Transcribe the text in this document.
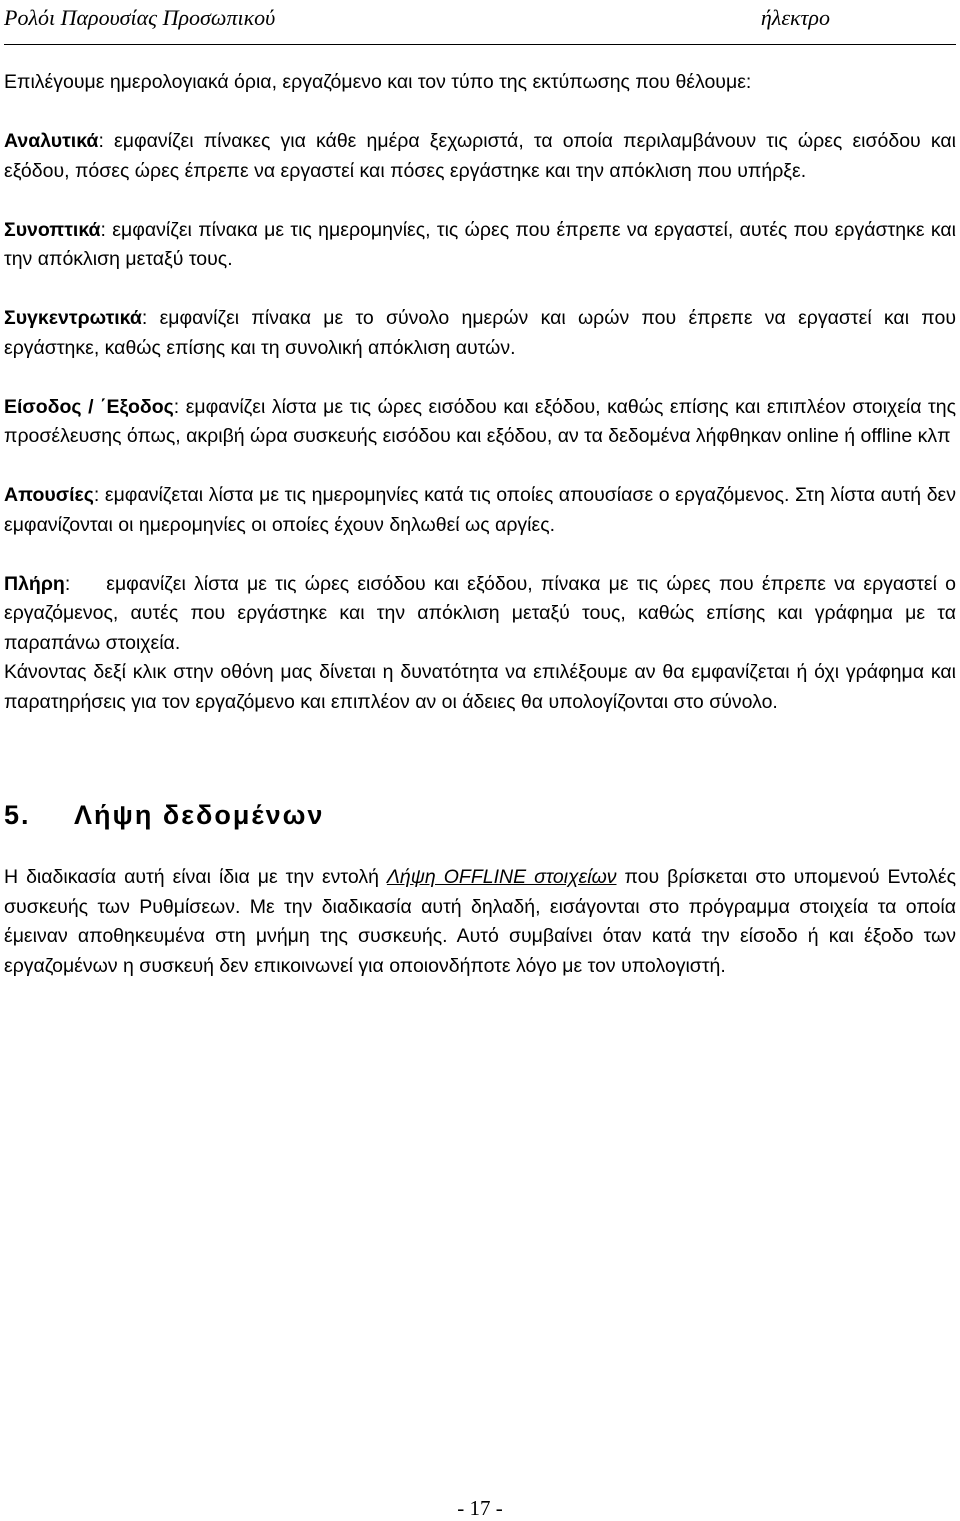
Ρολόι Παρουσίας Προσωπικού	ήλεκτρο

Επιλέγουμε ημερολογιακά όρια, εργαζόμενο και τον τύπο της εκτύπωσης που θέλουμε:

Αναλυτικά: εμφανίζει πίνακες για κάθε ημέρα ξεχωριστά, τα οποία περιλαμβάνουν τις ώρες εισόδου και εξόδου, πόσες ώρες έπρεπε να εργαστεί και πόσες εργάστηκε και την απόκλιση που υπήρξε.

Συνοπτικά: εμφανίζει πίνακα με τις ημερομηνίες, τις ώρες που έπρεπε να εργαστεί, αυτές που εργάστηκε και την απόκλιση μεταξύ τους.

Συγκεντρωτικά: εμφανίζει πίνακα με το σύνολο ημερών και ωρών που έπρεπε να εργαστεί και που εργάστηκε, καθώς επίσης και τη συνολική απόκλιση αυτών.

Είσοδος / ΄Εξοδος: εμφανίζει λίστα με τις ώρες εισόδου και εξόδου, καθώς επίσης και επιπλέον στοιχεία της προσέλευσης όπως, ακριβή ώρα συσκευής εισόδου και εξόδου, αν τα δεδομένα λήφθηκαν online ή offline κλπ

Απουσίες: εμφανίζεται λίστα με τις ημερομηνίες κατά τις οποίες απουσίασε ο εργαζόμενος. Στη λίστα αυτή δεν εμφανίζονται οι ημερομηνίες οι οποίες έχουν δηλωθεί ως αργίες.

Πλήρη: εμφανίζει λίστα με τις ώρες εισόδου και εξόδου, πίνακα με τις ώρες που έπρεπε να εργαστεί ο εργαζόμενος, αυτές που εργάστηκε και την απόκλιση μεταξύ τους, καθώς επίσης και γράφημα με τα παραπάνω στοιχεία.

Κάνοντας δεξί κλικ στην οθόνη μας δίνεται η δυνατότητα να επιλέξουμε αν θα εμφανίζεται ή όχι γράφημα και παρατηρήσεις για τον εργαζόμενο και επιπλέον αν οι άδειες θα υπολογίζονται στο σύνολο.

5. Λήψη δεδομένων

Η διαδικασία αυτή είναι ίδια με την εντολή Λήψη OFFLINE στοιχείων που βρίσκεται στο υπομενού Εντολές συσκευής των Ρυθμίσεων. Με την διαδικασία αυτή δηλαδή, εισάγονται στο πρόγραμμα στοιχεία τα οποία έμειναν αποθηκευμένα στη μνήμη της συσκευής. Αυτό συμβαίνει όταν κατά την είσοδο ή και έξοδο των εργαζομένων η συσκευή δεν επικοινωνεί για οποιονδήποτε λόγο με τον υπολογιστή.

- 17 -
